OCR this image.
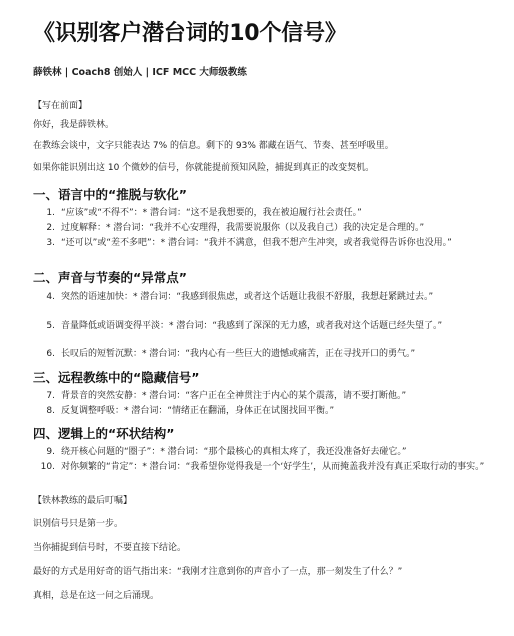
《识别客户潜台词的10个信号》
薛铁林 | Coach8 创始人 | ICF MCC 大师级教练
【写在前面】
你好，我是薛铁林。
在教练会谈中，文字只能表达 7% 的信息。剩下的 93% 都藏在语气、节奏、甚至呼吸里。
如果你能识别出这 10 个微妙的信号，你就能提前预知风险，捕捉到真正的改变契机。
一、语言中的“推脱与软化”
1. “应该”或“不得不”：* 潜台词：“这不是我想要的，我在被迫履行社会责任。”
2. 过度解释：* 潜台词：“我并不心安理得，我需要说服你（以及我自己）我的决定是合理的。”
3. “还可以”或“差不多吧”：* 潜台词：“我并不满意，但我不想产生冲突，或者我觉得告诉你也没用。”
二、声音与节奏的“异常点”
4. 突然的语速加快：* 潜台词：“我感到很焦虑，或者这个话题让我很不舒服，我想赶紧跳过去。”
5. 音量降低或语调变得平淡：* 潜台词：“我感到了深深的无力感，或者我对这个话题已经失望了。”
6. 长叹后的短暂沉默：* 潜台词：“我内心有一些巨大的遗憾或痛苦，正在寻找开口的勇气。”
三、远程教练中的“隐藏信号”
7. 背景音的突然安静：* 潜台词：“客户正在全神贯注于内心的某个震荡，请不要打断他。”
8. 反复调整呼吸：* 潜台词：“情绪正在翻涌，身体正在试图找回平衡。”
四、逻辑上的“环状结构”
9. 绕开核心问题的“圈子”：* 潜台词：“那个最核心的真相太疼了，我还没准备好去碰它。”
10. 对你频繁的“肯定”：* 潜台词：“我希望你觉得我是一个‘好学生’，从而掩盖我并没有真正采取行动的事实。”
【铁林教练的最后叮嘱】
识别信号只是第一步。
当你捕捉到信号时，不要直接下结论。
最好的方式是用好奇的语气指出来：“我刚才注意到你的声音小了一点，那一刻发生了什么？”
真相，总是在这一问之后涌现。
